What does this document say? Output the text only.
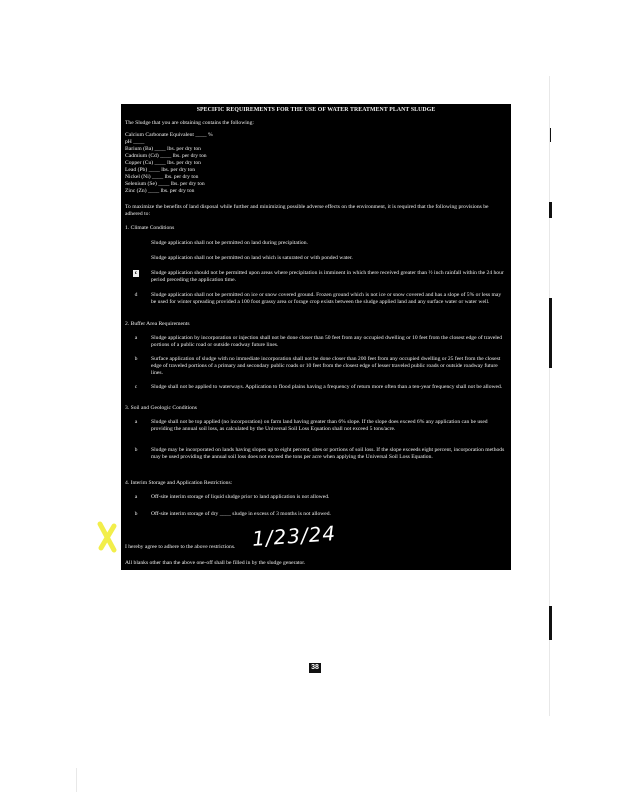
SPECIFIC REQUIREMENTS FOR THE USE OF WATER TREATMENT PLANT SLUDGE
The Sludge that you are obtaining contains the following:
Calcium Carbonate Equivalent ____ %
pH ____
Barium (Ba) ____ lbs. per dry ton
Cadmium (Cd) ____ lbs. per dry ton
Copper (Cu) ____ lbs. per dry ton
Lead (Pb) ____ lbs. per dry ton
Nickel (Ni) ____ lbs. per dry ton
Selenium (Se) ____ lbs. per dry ton
Zinc (Zn) ____ lbs. per dry ton
To maximize the benefits of land disposal while further and minimizing possible adverse effects on the environment, it is required that the following provisions be adhered to:
1. Climate Conditions
Sludge application shall not be permitted on land during precipitation.
Sludge application shall not be permitted on land which is saturated or with ponded water.
c	Sludge application should not be permitted upon areas where precipitation is imminent in which there received greater than ½ inch rainfall within the 24 hour period preceding the application time.
d	Sludge application shall not be permitted on ice or snow covered ground. Frozen ground which is not ice or snow covered and has a slope of 5% or less may be used for winter spreading provided a 100 foot grassy area or forage crop exists between the sludge applied land and any surface water or water well.
2. Buffer Area Requirements
a	Sludge application by incorporation or injection shall not be done closer than 50 feet from any occupied dwelling or 10 feet from the closest edge of traveled portions of a public road or outside roadway future lines.
b	Surface application of sludge with no immediate incorporation shall not be done closer than 200 feet from any occupied dwelling or 25 feet from the closest edge of traveled portions of a primary and secondary public roads or 10 feet from the closest edge of lesser traveled public roads or outside roadway future lines.
c	Sludge shall not be applied to waterways. Application to flood plains having a frequency of return more often than a ten-year frequency shall not be allowed.
3. Soil and Geologic Conditions
a	Sludge shall not be top applied (no incorporation) on farm land having greater than 6% slope. If the slope does exceed 6% any application can be used providing the annual soil loss, as calculated by the Universal Soil Loss Equation shall not exceed 5 tons/acre.
b	Sludge may be incorporated on lands having slopes up to eight percent, sites or portions of soil loss. If the slope exceeds eight percent, incorporation methods may be used providing the annual soil loss does not exceed the tons per acre when applying the Universal Soil Loss Equation.
4. Interim Storage and Application Restrictions:
a	Off-site interim storage of liquid sludge prior to land application is not allowed.
b	Off-site interim storage of dry ____ sludge in excess of 3 months is not allowed.
I hereby agree to adhere to the above restrictions.
All blanks other than the above one-off shall be filled in by the sludge generator.
1/23/24
38
